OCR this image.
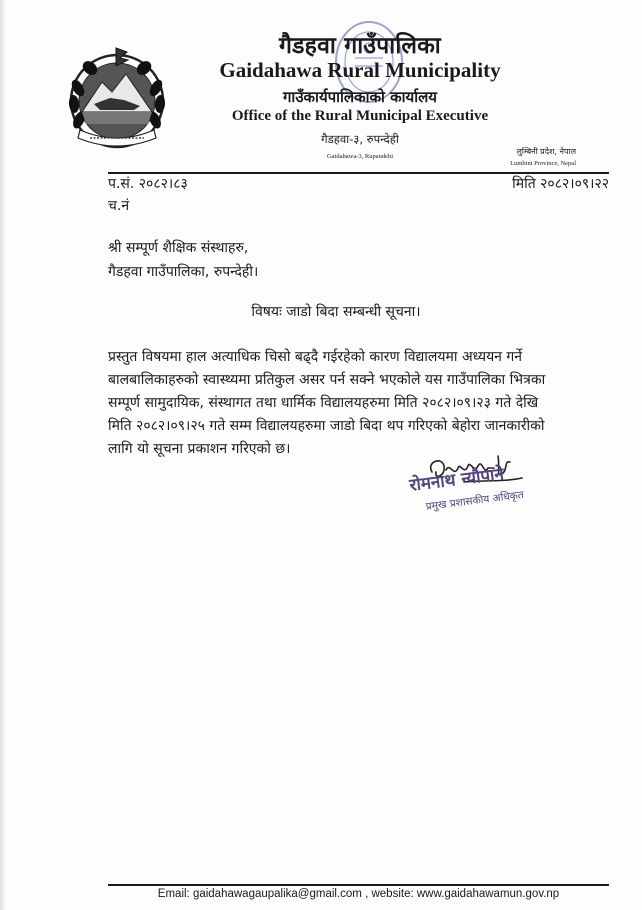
गैडहवा गाउँपालिका
Gaidahawa Rural Municipality
गाउँकार्यपालिकाको कार्यालय
Office of the Rural Municipal Executive
गैडहवा-३, रुपन्देही
Gaidahawa-3, Rupandehi
लुम्बिनी प्रदेश, नेपाल
Lumbini Province, Nepal
प.सं. २०८२।८३	मिति २०८२।०९।२२
च.नं
श्री सम्पूर्ण शैक्षिक संस्थाहरु,
गैडहवा गाउँपालिका, रुपन्देही।
विषयः जाडो बिदा सम्बन्धी सूचना।
प्रस्तुत विषयमा हाल अत्याधिक चिसो बढ्दै गईरहेको कारण विद्यालयमा अध्ययन गर्ने
बालबालिकाहरुको स्वास्थ्यमा प्रतिकुल असर पर्न सक्ने भएकोले यस गाउँपालिका भित्रका
सम्पूर्ण सामुदायिक, संस्थागत तथा धार्मिक विद्यालयहरुमा मिति २०८२।०९।२३ गते देखि
मिति २०८२।०९।२५ गते सम्म विद्यालयहरुमा जाडो बिदा थप गरिएको बेहोरा जानकारीको
लागि यो सूचना प्रकाशन गरिएको छ।
रोमनाथ न्यौपाने
प्रमुख प्रशासकीय अधिकृत
Email: gaidahawagaupalika@gmail.com , website: www.gaidahawamun.gov.np
